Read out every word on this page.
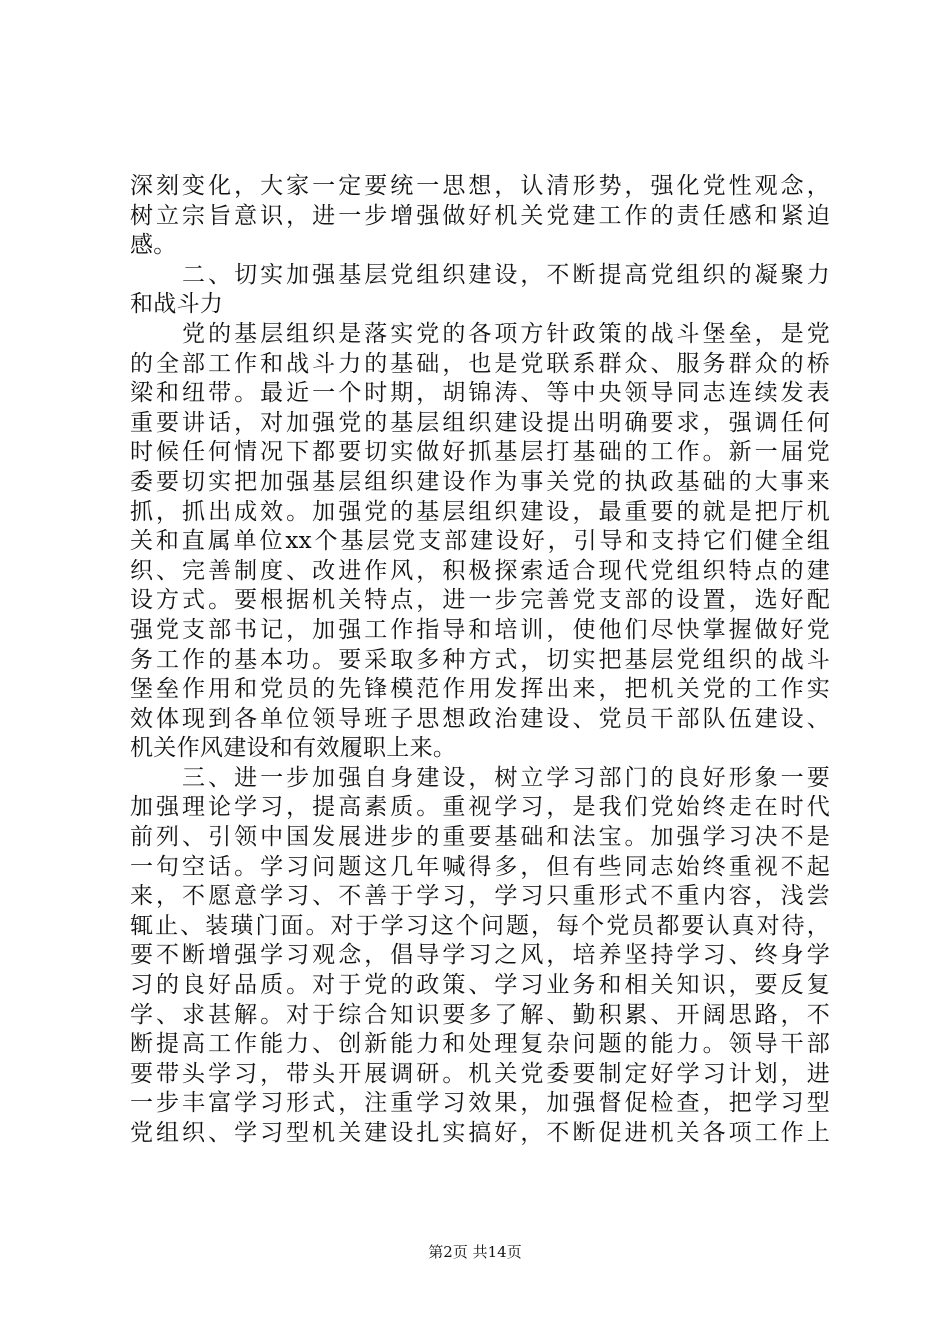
深刻变化，大家一定要统一思想，认清形势，强化党性观念，
树立宗旨意识，进一步增强做好机关党建工作的责任感和紧迫
感。
　　二、切实加强基层党组织建设，不断提高党组织的凝聚力
和战斗力
　　党的基层组织是落实党的各项方针政策的战斗堡垒，是党
的全部工作和战斗力的基础，也是党联系群众、服务群众的桥
梁和纽带。最近一个时期，胡锦涛、等中央领导同志连续发表
重要讲话，对加强党的基层组织建设提出明确要求，强调任何
时候任何情况下都要切实做好抓基层打基础的工作。新一届党
委要切实把加强基层组织建设作为事关党的执政基础的大事来
抓，抓出成效。加强党的基层组织建设，最重要的就是把厅机
关和直属单位xx个基层党支部建设好，引导和支持它们健全组
织、完善制度、改进作风，积极探索适合现代党组织特点的建
设方式。要根据机关特点，进一步完善党支部的设置，选好配
强党支部书记，加强工作指导和培训，使他们尽快掌握做好党
务工作的基本功。要采取多种方式，切实把基层党组织的战斗
堡垒作用和党员的先锋模范作用发挥出来，把机关党的工作实
效体现到各单位领导班子思想政治建设、党员干部队伍建设、
机关作风建设和有效履职上来。
　　三、进一步加强自身建设，树立学习部门的良好形象一要
加强理论学习，提高素质。重视学习，是我们党始终走在时代
前列、引领中国发展进步的重要基础和法宝。加强学习决不是
一句空话。学习问题这几年喊得多，但有些同志始终重视不起
来，不愿意学习、不善于学习，学习只重形式不重内容，浅尝
辄止、装璜门面。对于学习这个问题，每个党员都要认真对待，
要不断增强学习观念，倡导学习之风，培养坚持学习、终身学
习的良好品质。对于党的政策、学习业务和相关知识，要反复
学、求甚解。对于综合知识要多了解、勤积累、开阔思路，不
断提高工作能力、创新能力和处理复杂问题的能力。领导干部
要带头学习，带头开展调研。机关党委要制定好学习计划，进
一步丰富学习形式，注重学习效果，加强督促检查，把学习型
党组织、学习型机关建设扎实搞好，不断促进机关各项工作上
第2页 共14页
